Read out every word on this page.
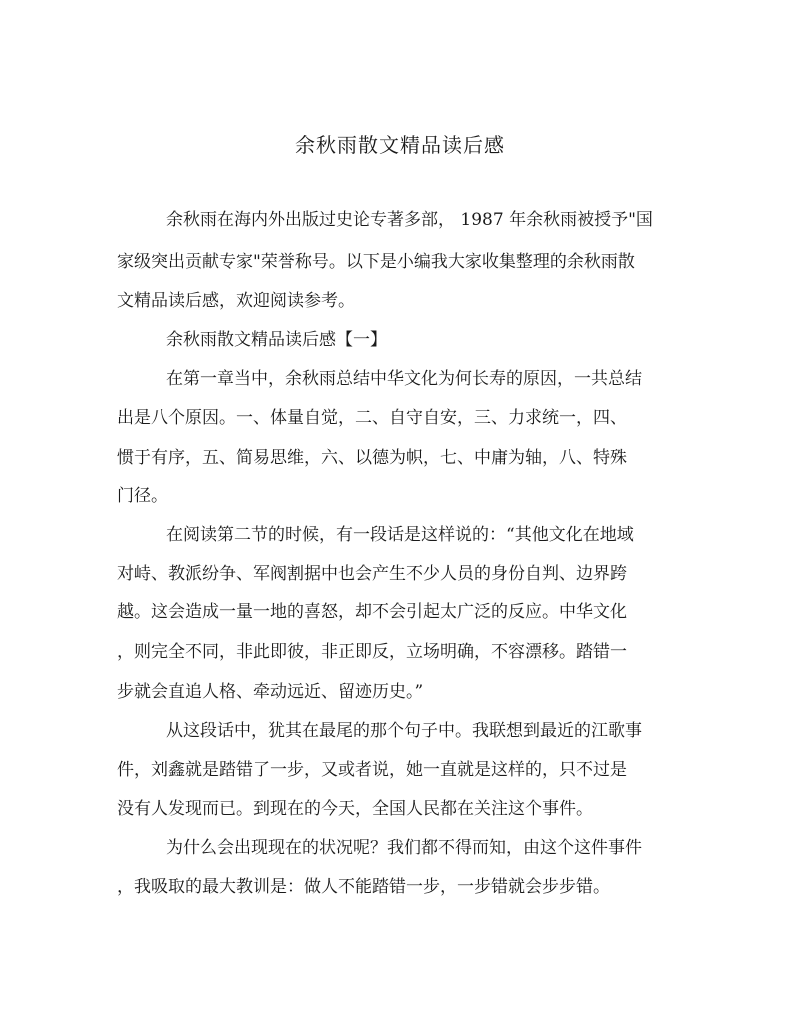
余秋雨散文精品读后感

余秋雨在海内外出版过史论专著多部， 1987 年余秋雨被授予"国

家级突出贡献专家"荣誉称号。以下是小编我大家收集整理的余秋雨散

文精品读后感，欢迎阅读参考。

余秋雨散文精品读后感【一】

在第一章当中，余秋雨总结中华文化为何长寿的原因，一共总结

出是八个原因。一、体量自觉，二、自守自安，三、力求统一，四、

惯于有序，五、简易思维，六、以德为帜，七、中庸为轴，八、特殊

门径。

在阅读第二节的时候，有一段话是这样说的：“其他文化在地域

对峙、教派纷争、军阀割据中也会产生不少人员的身份自判、边界跨

越。这会造成一量一地的喜怒，却不会引起太广泛的反应。中华文化

，则完全不同，非此即彼，非正即反，立场明确，不容漂移。踏错一

步就会直追人格、牵动远近、留迹历史。”

从这段话中，犹其在最尾的那个句子中。我联想到最近的江歌事

件，刘鑫就是踏错了一步，又或者说，她一直就是这样的，只不过是

没有人发现而已。到现在的今天，全国人民都在关注这个事件。

为什么会出现现在的状况呢？我们都不得而知，由这个这件事件

，我吸取的最大教训是：做人不能踏错一步，一步错就会步步错。
